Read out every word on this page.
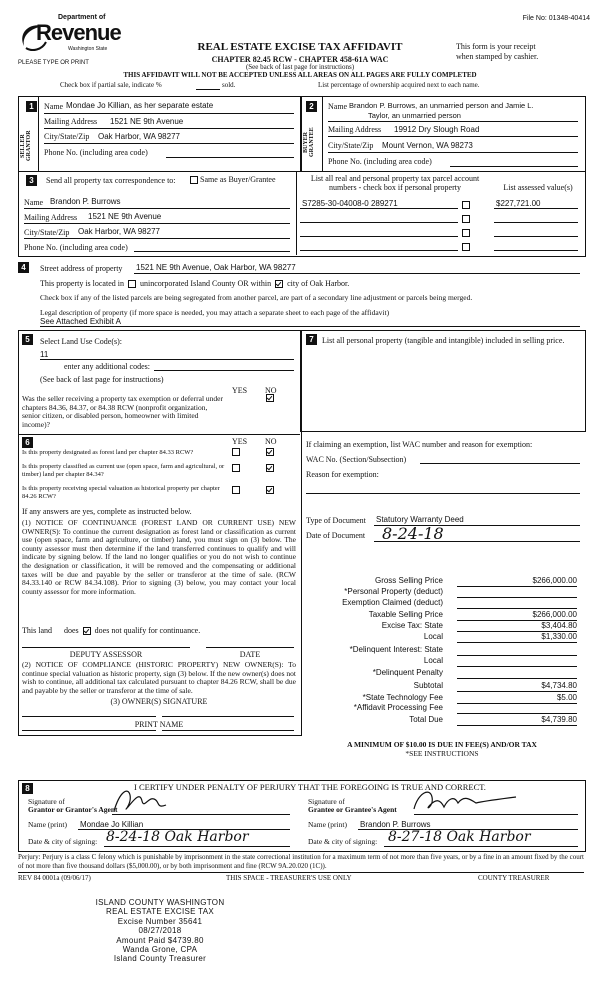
File No: 01348-40414
Department of
Revenue
Washington State
PLEASE TYPE OR PRINT
REAL ESTATE EXCISE TAX AFFIDAVIT
CHAPTER 82.45 RCW - CHAPTER 458-61A WAC
(See back of last page for instructions)
This form is your receipt
when stamped by cashier.
THIS AFFIDAVIT WILL NOT BE ACCEPTED UNLESS ALL AREAS ON ALL PAGES ARE FULLY COMPLETED
Check box if partial sale, indicate %	sold.	List percentage of ownership acquired next to each name.
1
SELLER GRANTOR
Name Mondae Jo Killian, as her separate estate
Mailing Address 1521 NE 9th Avenue
City/State/Zip Oak Harbor, WA 98277
Phone No. (including area code)
2
BUYER GRANTEE
Name Brandon P. Burrows, an unmarried person and Jamie L.
Taylor, an unmarried person
Mailing Address 19912 Dry Slough Road
City/State/Zip Mount Vernon, WA 98273
Phone No. (including area code)
3	Send all property tax correspondence to:	Same as Buyer/Grantee
Name Brandon P. Burrows
Mailing Address 1521 NE 9th Avenue
City/State/Zip Oak Harbor, WA 98277
Phone No. (including area code)
List all real and personal property tax parcel account
numbers - check box if personal property	List assessed value(s)
S7285-30-04008-0 289271	$227,721.00
4	Street address of property 1521 NE 9th Avenue, Oak Harbor, WA 98277
This property is located in unincorporated Island County OR within city of Oak Harbor.
Check box if any of the listed parcels are being segregated from another parcel, are part of a secondary line adjustment or parcels being merged.
Legal description of property (if more space is needed, you may attach a separate sheet to each page of the affidavit)
See Attached Exhibit A
5	Select Land Use Code(s):
11
enter any additional codes:
(See back of last page for instructions)
YES NO
Was the seller receiving a property tax exemption or deferral under chapters 84.36, 84.37, or 84.38 RCW (nonprofit organization, senior citizen, or disabled person, homeowner with limited income)?
6	YES NO
Is this property designated as forest land per chapter 84.33 RCW?
Is this property classified as current use (open space, farm and agricultural, or timber) land per chapter 84.34?
Is this property receiving special valuation as historical property per chapter 84.26 RCW?
If any answers are yes, complete as instructed below.
(1) NOTICE OF CONTINUANCE (FOREST LAND OR CURRENT USE) NEW OWNER(S): To continue the current designation as forest land or classification as current use (open space, farm and agriculture, or timber) land, you must sign on (3) below. The county assessor must then determine if the land transferred continues to qualify and will indicate by signing below. If the land no longer qualifies or you do not wish to continue the designation or classification, it will be removed and the compensating or additional taxes will be due and payable by the seller or transferor at the time of sale. (RCW 84.33.140 or RCW 84.34.108). Prior to signing (3) below, you may contact your local county assessor for more information.
This land does does not qualify for continuance.
DEPUTY ASSESSOR	DATE
(2) NOTICE OF COMPLIANCE (HISTORIC PROPERTY) NEW OWNER(S): To continue special valuation as historic property, sign (3) below. If the new owner(s) does not wish to continue, all additional tax calculated pursuant to chapter 84.26 RCW, shall be due and payable by the seller or transferor at the time of sale.
(3) OWNER(S) SIGNATURE
PRINT NAME
7	List all personal property (tangible and intangible) included in selling price.
If claiming an exemption, list WAC number and reason for exemption:
WAC No. (Section/Subsection)
Reason for exemption:
Type of Document Statutory Warranty Deed
Date of Document 8-24-18
Gross Selling Price	$266,000.00
*Personal Property (deduct)
Exemption Claimed (deduct)
Taxable Selling Price	$266,000.00
Excise Tax: State	$3,404.80
Local	$1,330.00
*Delinquent Interest: State
Local
*Delinquent Penalty
Subtotal	$4,734.80
*State Technology Fee	$5.00
*Affidavit Processing Fee
Total Due	$4,739.80
A MINIMUM OF $10.00 IS DUE IN FEE(S) AND/OR TAX
*SEE INSTRUCTIONS
8	I CERTIFY UNDER PENALTY OF PERJURY THAT THE FOREGOING IS TRUE AND CORRECT.
Signature of
Grantor or Grantor's Agent
Name (print) Mondae Jo Killian
Date & city of signing: 8-24-18 Oak Harbor
Signature of
Grantee or Grantee's Agent
Name (print) Brandon P. Burrows
Date & city of signing: 8-27-18 Oak Harbor
Perjury: Perjury is a class C felony which is punishable by imprisonment in the state correctional institution for a maximum term of not more than five years, or by a fine in an amount fixed by the court of not more than five thousand dollars ($5,000.00), or by both imprisonment and fine (RCW 9A.20.020 (1C)).
REV 84 0001a (09/06/17)	THIS SPACE - TREASURER'S USE ONLY	COUNTY TREASURER
ISLAND COUNTY WASHINGTON
REAL ESTATE EXCISE TAX
Excise Number 35641
08/27/2018
Amount Paid $4739.80
Wanda Grone, CPA
Island County Treasurer
